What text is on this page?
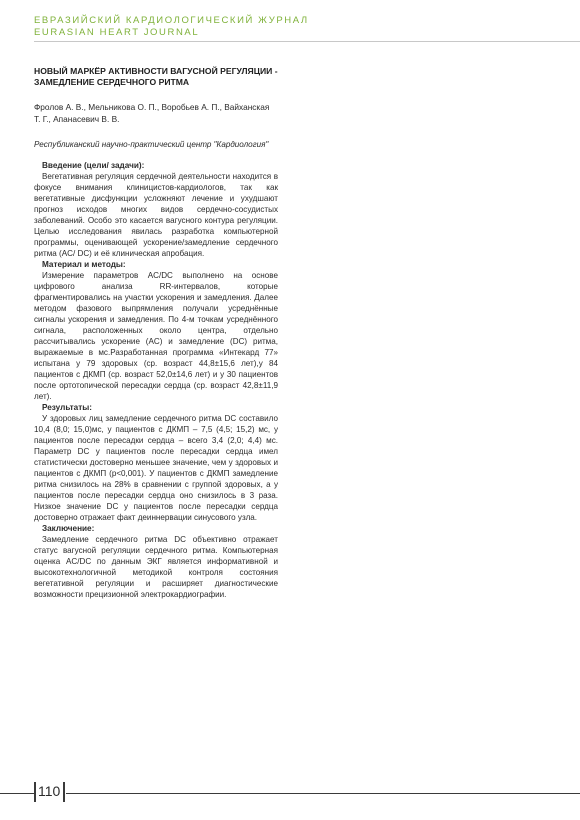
ЕВРАЗИЙСКИЙ КАРДИОЛОГИЧЕСКИЙ ЖУРНАЛ
EURASIAN HEART JOURNAL
НОВЫЙ МАРКЁР АКТИВНОСТИ ВАГУСНОЙ РЕГУЛЯЦИИ - ЗАМЕДЛЕНИЕ СЕРДЕЧНОГО РИТМА
Фролов А. В., Мельникова О. П., Воробьев А. П., Вайханская Т. Г., Апанасевич В. В.
Республиканский научно-практический центр "Кардиология"
Введение (цели/ задачи):

Вегетативная регуляция сердечной деятельности находится в фокусе внимания клиницистов-кардиологов, так как вегетативные дисфункции усложняют лечение и ухудшают прогноз исходов многих видов сердечно-сосудистых заболеваний. Особо это касается вагусного контура регуляции. Целью исследования явилась разработка компьютерной программы, оценивающей ускорение/замедление сердечного ритма (AC/ DC) и её клиническая апробация.

Материал и методы:

Измерение параметров AC/DC выполнено на основе цифрового анализа RR-интервалов, которые фрагментировались на участки ускорения и замедления. Далее методом фазового выпрямления получали усреднённые сигналы ускорения и замедления. По 4-м точкам усреднённого сигнала, расположенных около центра, отдельно рассчитывались ускорение (AC) и замедление (DC) ритма, выражаемые в мс.Разработанная программа «Интекард 77» испытана у 79 здоровых (ср. возраст 44,8±15,6 лет),у 84 пациентов с ДКМП (ср. возраст 52,0±14,6 лет) и у 30 пациентов после ортотопической пересадки сердца (ср. возраст 42,8±11,9 лет).

Результаты:

У здоровых лиц замедление сердечного ритма DC составило 10,4 (8,0; 15,0)мс, у пациентов с ДКМП – 7,5 (4,5; 15,2) мс, у пациентов после пересадки сердца – всего 3,4 (2,0; 4,4) мс. Параметр DC у пациентов после пересадки сердца имел статистически достоверно меньшее значение, чем у здоровых и пациентов с ДКМП (p<0,001). У пациентов с ДКМП замедление ритма снизилось на 28% в сравнении с группой здоровых, а у пациентов после пересадки сердца оно снизилось в 3 раза. Низкое значение DC у пациентов после пересадки сердца достоверно отражает факт деиннервации синусового узла.

Заключение:

Замедление сердечного ритма DC объективно отражает статус вагусной регуляции сердечного ритма. Компьютерная оценка AC/DC по данным ЭКГ является информативной и высокотехнологичной методикой контроля состояния вегетативной регуляции и расширяет диагностические возможности прецизионной электрокардиографии.

110
